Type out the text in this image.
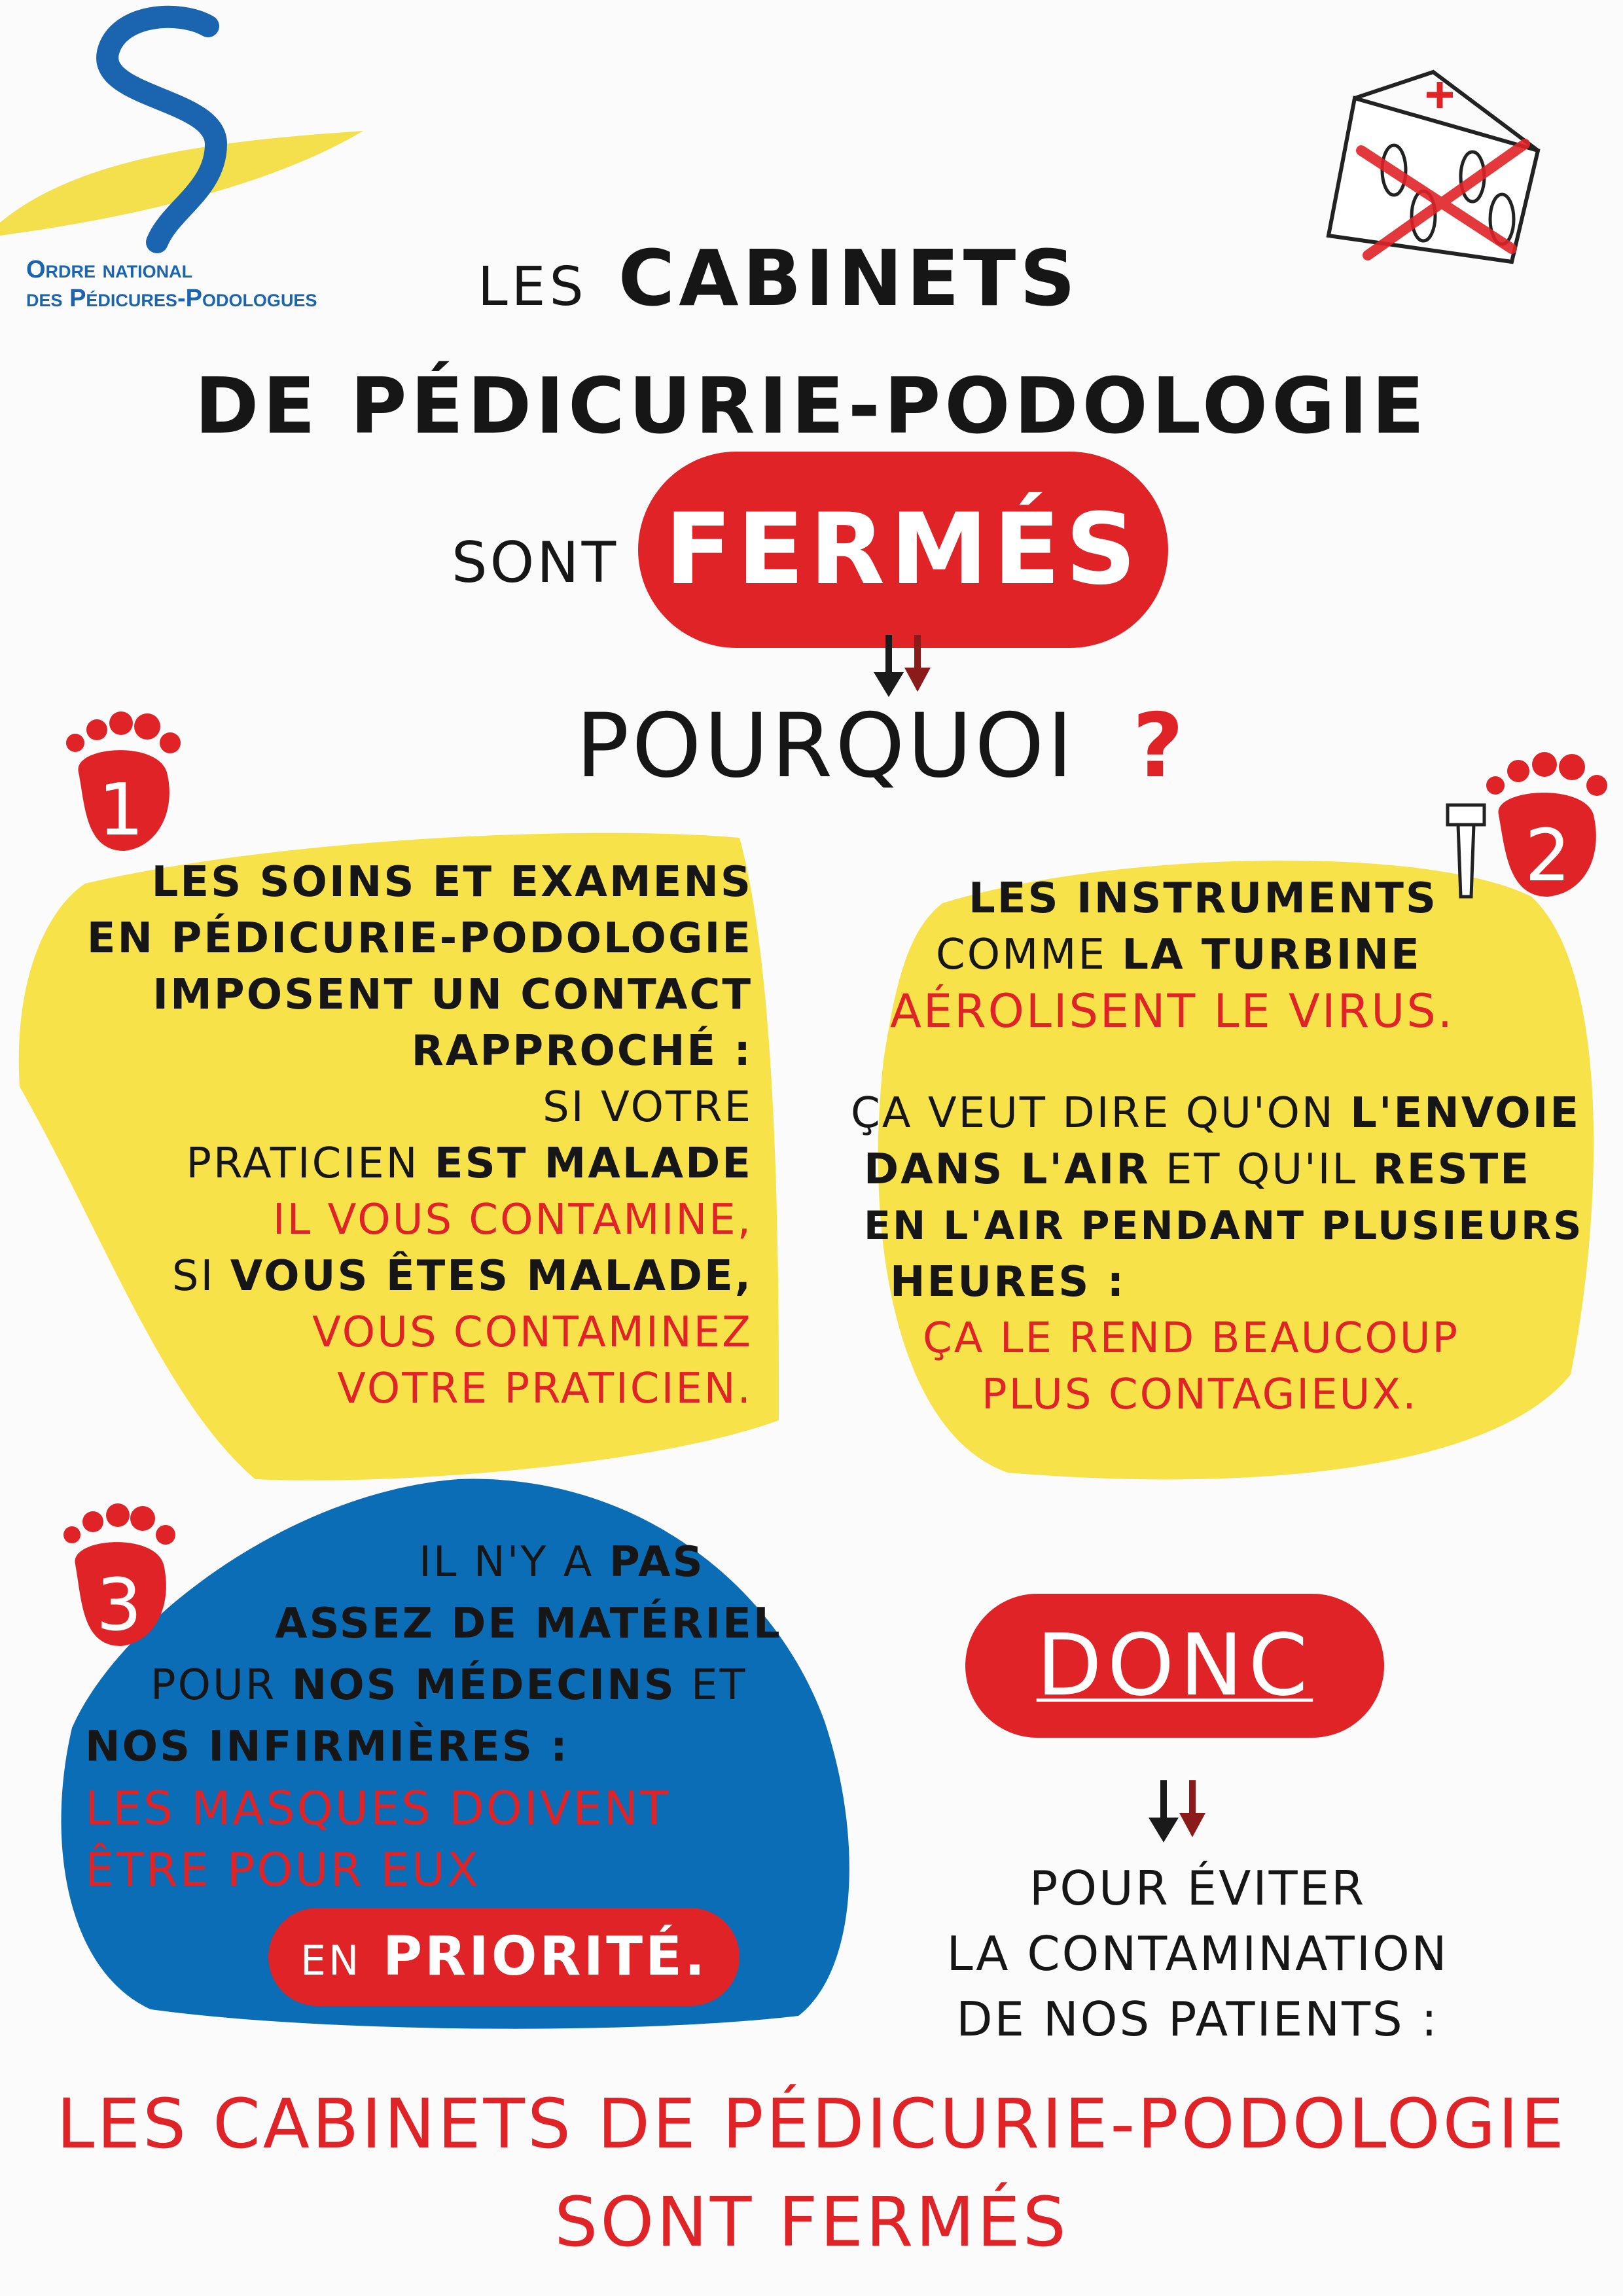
Ordre national
des Pédicures-Podologues	LES CABINETS
DE PÉDICURIE-PODOLOGIE
SONT FERMÉS
POURQUOI ?
1
LES SOINS ET EXAMENS
EN PÉDICURIE-PODOLOGIE
IMPOSENT UN CONTACT
RAPPROCHÉ :
SI VOTRE
PRATICIEN EST MALADE
IL VOUS CONTAMINE,
SI VOUS ÊTES MALADE,
VOUS CONTAMINEZ
VOTRE PRATICIEN.
2
LES INSTRUMENTS
COMME LA TURBINE
AÉROLISENT LE VIRUS.
ÇA VEUT DIRE QU'ON L'ENVOIE
DANS L'AIR ET QU'IL RESTE
EN L'AIR PENDANT PLUSIEURS
HEURES :
ÇA LE REND BEAUCOUP
PLUS CONTAGIEUX.
3
IL N'Y A PAS
ASSEZ DE MATÉRIEL
POUR NOS MÉDECINS ET
NOS INFIRMIÈRES :
LES MASQUES DOIVENT
ÊTRE POUR EUX
EN PRIORITÉ.
DONC
POUR ÉVITER
LA CONTAMINATION
DE NOS PATIENTS :
LES CABINETS DE PÉDICURIE-PODOLOGIE
SONT FERMÉS
